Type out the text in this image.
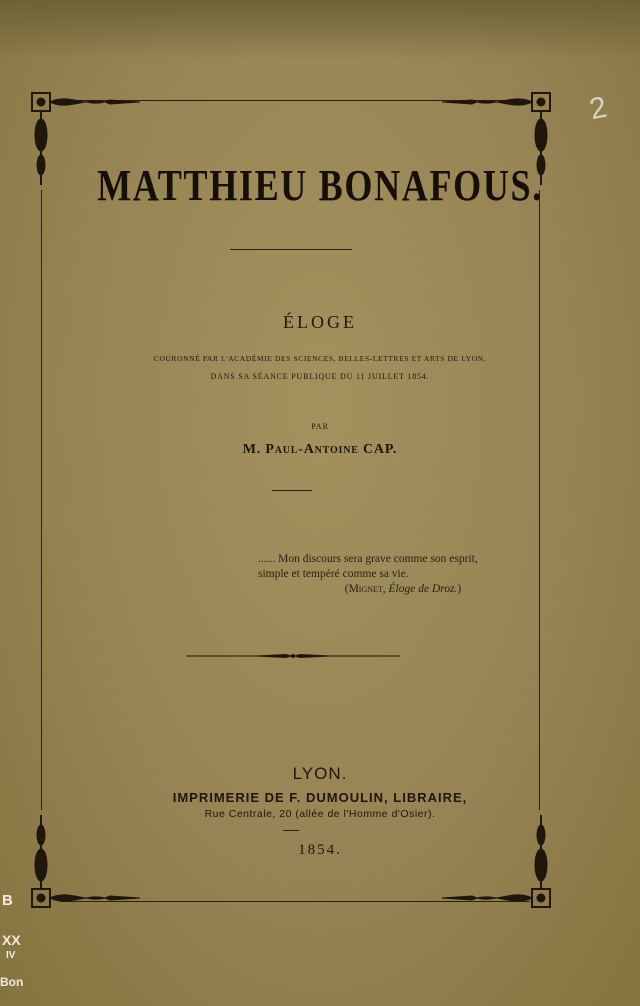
MATTHIEU BONAFOUS.
ÉLOGE
COURONNÉ PAR L'ACADÉMIE DES SCIENCES, BELLES-LETTRES ET ARTS DE LYON,
DANS SA SÉANCE PUBLIQUE DU 11 JUILLET 1854.
PAR
M. Paul-Antoine CAP.
...... Mon discours sera grave comme son esprit,
simple et tempéré comme sa vie.
(Mignet, Éloge de Droz.)
LYON.
IMPRIMERIE DE F. DUMOULIN, LIBRAIRE,
Rue Centrale, 20 (allée de l'Homme d'Osier).
1854.
2
B
XX
IV
Bon
